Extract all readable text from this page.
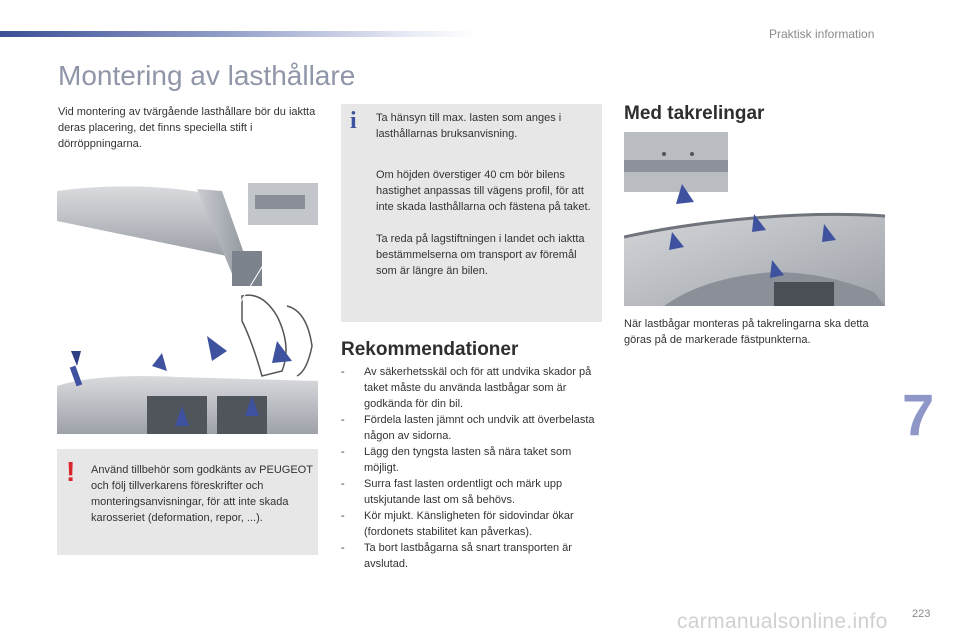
Praktisk information
Montering av lasthållare

Vid montering av tvärgående lasthållare bör du iaktta deras placering, det finns speciella stift i dörröppningarna.

! Använd tillbehör som godkänts av PEUGEOT och följ tillverkarens föreskrifter och monteringsanvisningar, för att inte skada karosseriet (deformation, repor, ...).

i Ta hänsyn till max. lasten som anges i lasthållarnas bruksanvisning.

Om höjden överstiger 40 cm bör bilens hastighet anpassas till vägens profil, för att inte skada lasthållarna och fästena på taket.

Ta reda på lagstiftningen i landet och iaktta bestämmelserna om transport av föremål som är längre än bilen.

Rekommendationer
- Av säkerhetsskäl och för att undvika skador på taket måste du använda lastbågar som är godkända för din bil.
- Fördela lasten jämnt och undvik att överbelasta någon av sidorna.
- Lägg den tyngsta lasten så nära taket som möjligt.
- Surra fast lasten ordentligt och märk upp utskjutande last om så behövs.
- Kör mjukt. Känsligheten för sidovindar ökar (fordonets stabilitet kan påverkas).
- Ta bort lastbågarna så snart transporten är avslutad.
Med takrelingar

När lastbågar monteras på takrelingarna ska detta göras på de markerade fästpunkterna.

7
223
carmanualsonline.info
